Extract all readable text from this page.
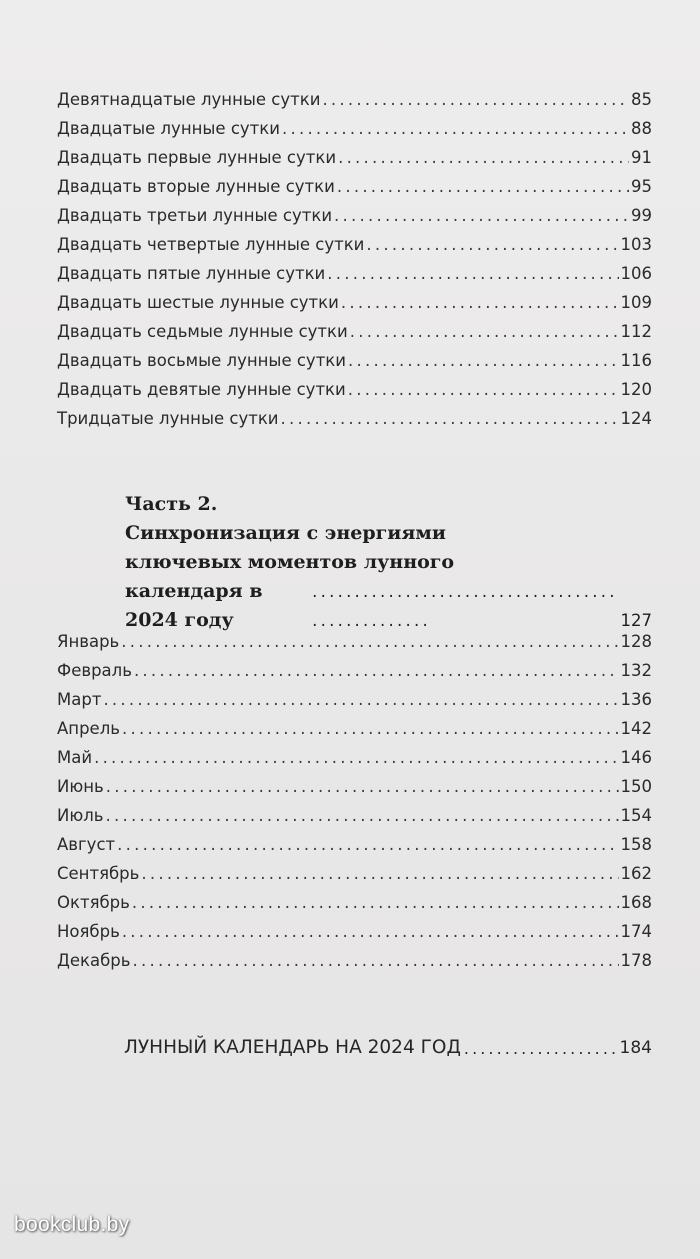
Девятнадцатые лунные сутки . . .	85
Двадцатые лунные сутки . . .	88
Двадцать первые лунные сутки . . .	91
Двадцать вторые лунные сутки . . .	95
Двадцать третьи лунные сутки . . .	99
Двадцать четвертые лунные сутки . . .	103
Двадцать пятые лунные сутки . . .	106
Двадцать шестые лунные сутки . . .	109
Двадцать седьмые лунные сутки . . .	112
Двадцать восьмые лунные сутки . . .	116
Двадцать девятые лунные сутки . . .	120
Тридцатые лунные сутки . . .	124
Часть 2.
Синхронизация с энергиями
ключевых моментов лунного
календаря в 2024 году . . .	127
Январь . . .	128
Февраль . . .	132
Март . . .	136
Апрель . . .	142
Май . . .	146
Июнь . . .	150
Июль . . .	154
Август . . .	158
Сентябрь . . .	162
Октябрь . . .	168
Ноябрь . . .	174
Декабрь . . .	178
ЛУННЫЙ КАЛЕНДАРЬ НА 2024 ГОД . . .	184
bookclub.by
